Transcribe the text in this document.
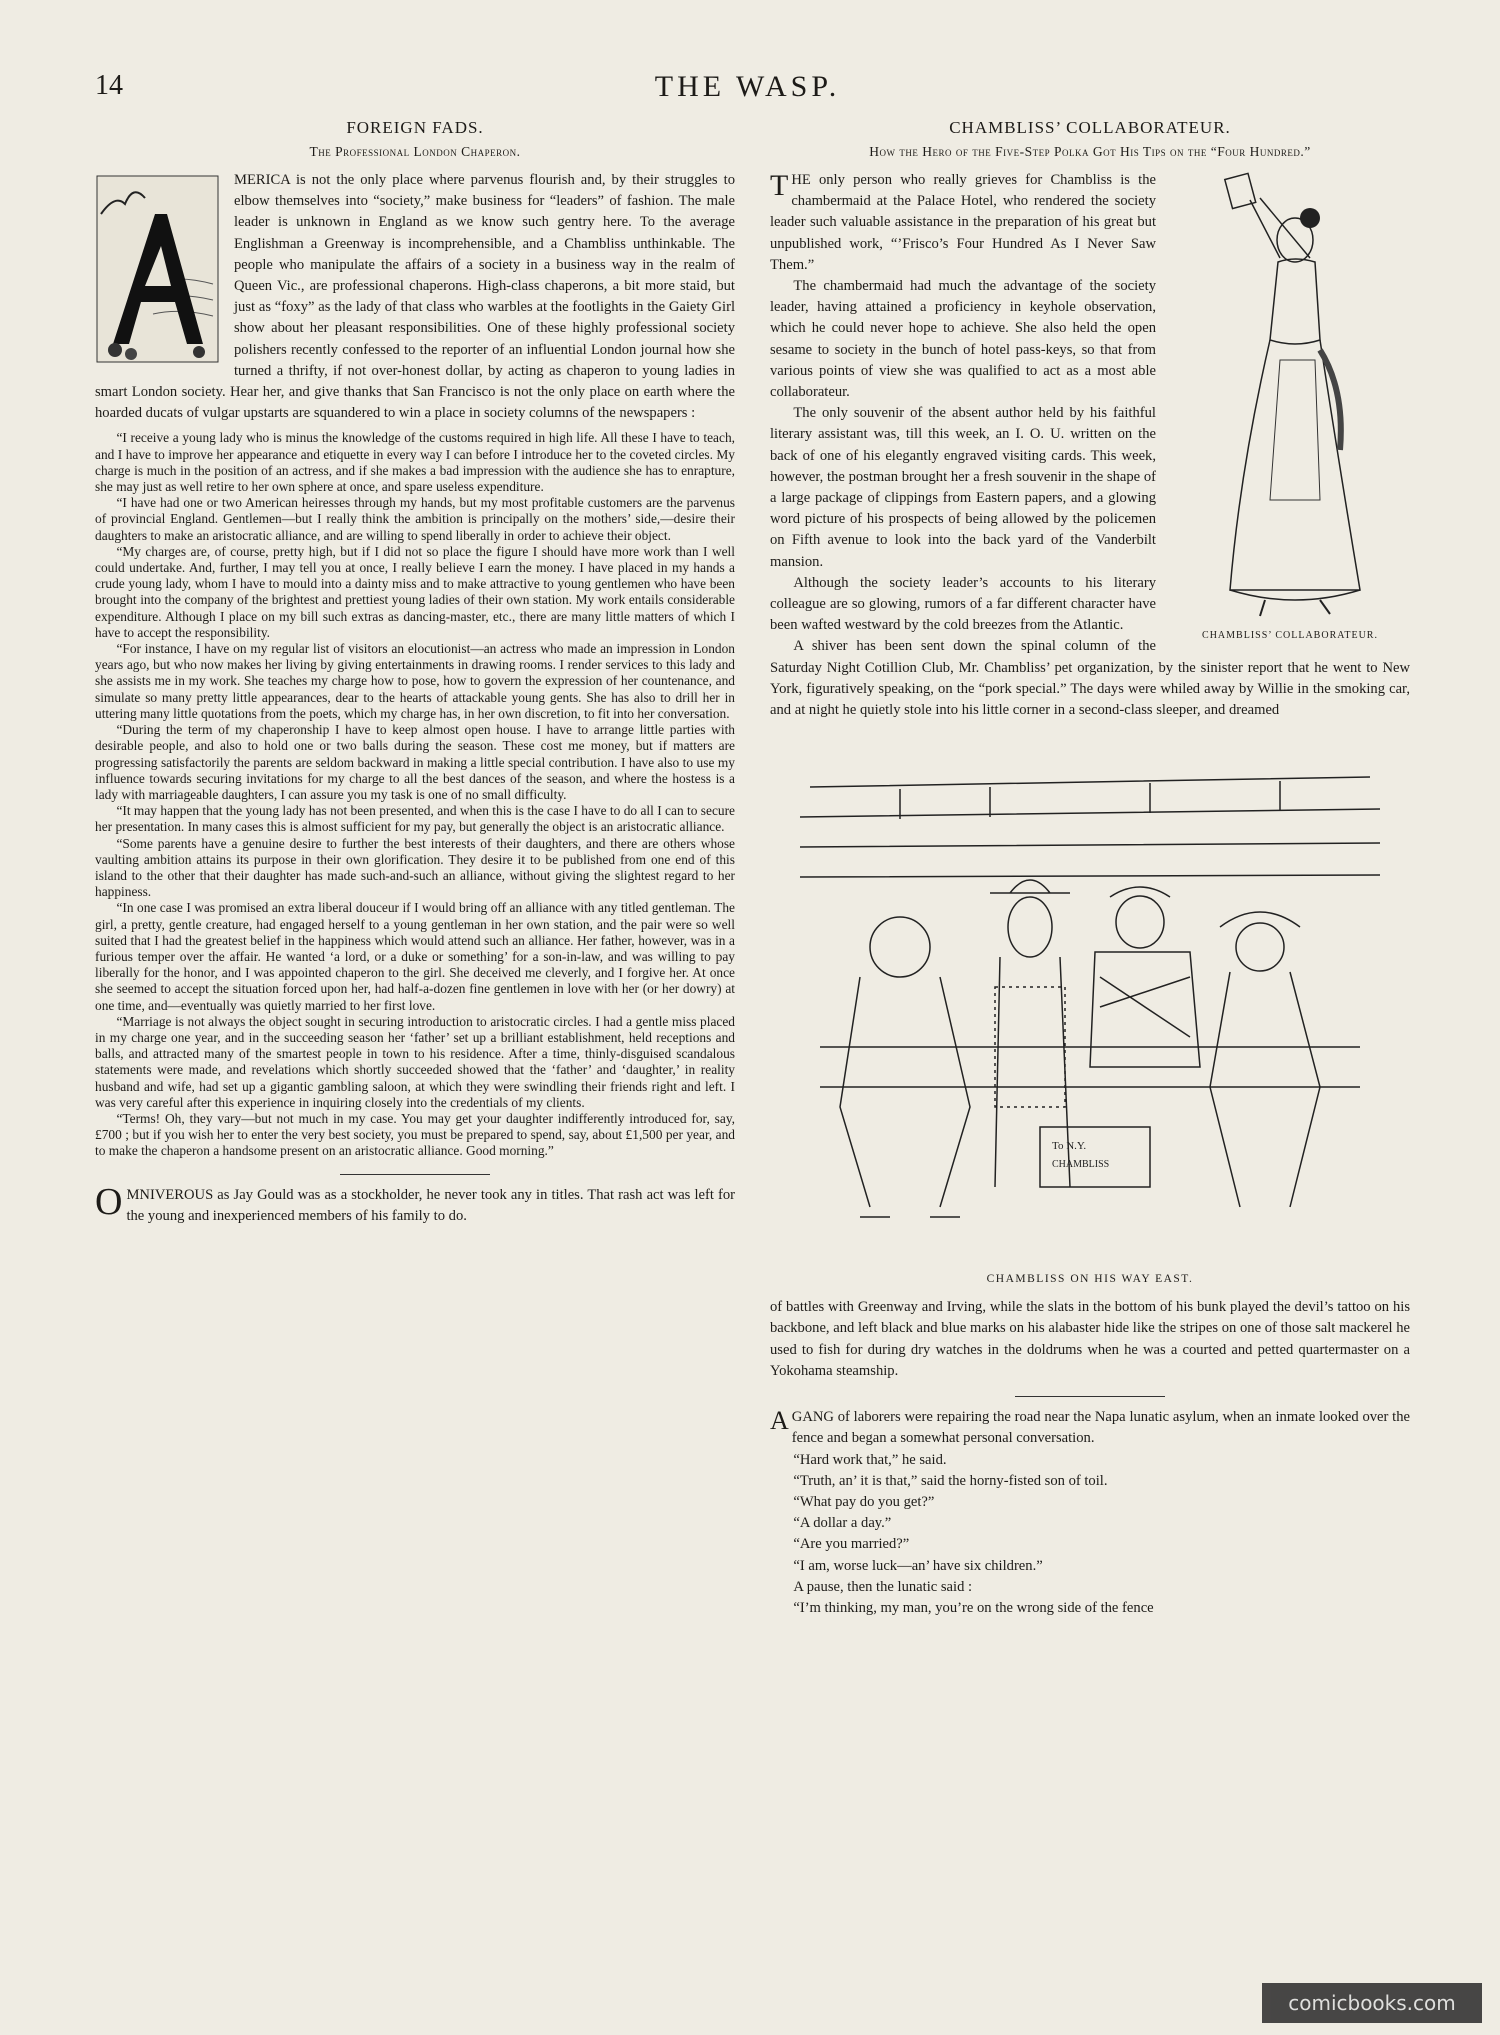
14	THE WASP.
FOREIGN FADS.
The Professional London Chaperon.

MERICA is not the only place where parvenus flourish and, by their struggles to elbow themselves into “society,” make business for “leaders” of fashion. The male leader is unknown in England as we know such gentry here. To the average Englishman a Greenway is incomprehensible, and a Chambliss unthinkable. The people who manipulate the affairs of a society in a business way in the realm of Queen Vic., are professional chaperons. High-class chaperons, a bit more staid, but just as “foxy” as the lady of that class who warbles at the footlights in the Gaiety Girl show about her pleasant responsibilities. One of these highly professional society polishers recently confessed to the reporter of an influential London journal how she turned a thrifty, if not over-honest dollar, by acting as chaperon to young ladies in smart London society. Hear her, and give thanks that San Francisco is not the only place on earth where the hoarded ducats of vulgar upstarts are squandered to win a place in society columns of the newspapers :

“I receive a young lady who is minus the knowledge of the customs required in high life. All these I have to teach, and I have to improve her appearance and etiquette in every way I can before I introduce her to the coveted circles. My charge is much in the position of an actress, and if she makes a bad impression with the audience she has to enrapture, she may just as well retire to her own sphere at once, and spare useless expenditure.

“I have had one or two American heiresses through my hands, but my most profitable customers are the parvenus of provincial England. Gentlemen—but I really think the ambition is principally on the mothers’ side,—desire their daughters to make an aristocratic alliance, and are willing to spend liberally in order to achieve their object.

“My charges are, of course, pretty high, but if I did not so place the figure I should have more work than I well could undertake. And, further, I may tell you at once, I really believe I earn the money. I have placed in my hands a crude young lady, whom I have to mould into a dainty miss and to make attractive to young gentlemen who have been brought into the company of the brightest and prettiest young ladies of their own station. My work entails considerable expenditure. Although I place on my bill such extras as dancing-master, etc., there are many little matters of which I have to accept the responsibility.

“For instance, I have on my regular list of visitors an elocutionist—an actress who made an impression in London years ago, but who now makes her living by giving entertainments in drawing rooms. I render services to this lady and she assists me in my work. She teaches my charge how to pose, how to govern the expression of her countenance, and simulate so many pretty little appearances, dear to the hearts of attackable young gents. She has also to drill her in uttering many little quotations from the poets, which my charge has, in her own discretion, to fit into her conversation.

“During the term of my chaperonship I have to keep almost open house. I have to arrange little parties with desirable people, and also to hold one or two balls during the season. These cost me money, but if matters are progressing satisfactorily the parents are seldom backward in making a little special contribution. I have also to use my influence towards securing invitations for my charge to all the best dances of the season, and where the hostess is a lady with marriageable daughters, I can assure you my task is one of no small difficulty.

“It may happen that the young lady has not been presented, and when this is the case I have to do all I can to secure her presentation. In many cases this is almost sufficient for my pay, but generally the object is an aristocratic alliance.

“Some parents have a genuine desire to further the best interests of their daughters, and there are others whose vaulting ambition attains its purpose in their own glorification. They desire it to be published from one end of this island to the other that their daughter has made such-and-such an alliance, without giving the slightest regard to her happiness.

“In one case I was promised an extra liberal douceur if I would bring off an alliance with any titled gentleman. The girl, a pretty, gentle creature, had engaged herself to a young gentleman in her own station, and the pair were so well suited that I had the greatest belief in the happiness which would attend such an alliance. Her father, however, was in a furious temper over the affair. He wanted ‘a lord, or a duke or something’ for a son-in-law, and was willing to pay liberally for the honor, and I was appointed chaperon to the girl. She deceived me cleverly, and I forgive her. At once she seemed to accept the situation forced upon her, had half-a-dozen fine gentlemen in love with her (or her dowry) at one time, and—eventually was quietly married to her first love.

“Marriage is not always the object sought in securing introduction to aristocratic circles. I had a gentle miss placed in my charge one year, and in the succeeding season her ‘father’ set up a brilliant establishment, held receptions and balls, and attracted many of the smartest people in town to his residence. After a time, thinly-disguised scandalous statements were made, and revelations which shortly succeeded showed that the ‘father’ and ‘daughter,’ in reality husband and wife, had set up a gigantic gambling saloon, at which they were swindling their friends right and left. I was very careful after this experience in inquiring closely into the credentials of my clients.

“Terms! Oh, they vary—but not much in my case. You may get your daughter indifferently introduced for, say, £700 ; but if you wish her to enter the very best society, you must be prepared to spend, say, about £1,500 per year, and to make the chaperon a handsome present on an aristocratic alliance. Good morning.”

OMNIVEROUS as Jay Gould was as a stockholder, he never took any in titles. That rash act was left for the young and inexperienced members of his family to do.

CHAMBLISS’ COLLABORATEUR.
How the Hero of the Five-Step Polka Got His Tips on the “Four Hundred.”
CHAMBLISS’ COLLABORATEUR.

THE only person who really grieves for Chambliss is the chambermaid at the Palace Hotel, who rendered the society leader such valuable assistance in the preparation of his great but unpublished work, “’Frisco’s Four Hundred As I Never Saw Them.”

The chambermaid had much the advantage of the society leader, having attained a proficiency in keyhole observation, which he could never hope to achieve. She also held the open sesame to society in the bunch of hotel pass-keys, so that from various points of view she was qualified to act as a most able collaborateur.

The only souvenir of the absent author held by his faithful literary assistant was, till this week, an I. O. U. written on the back of one of his elegantly engraved visiting cards. This week, however, the postman brought her a fresh souvenir in the shape of a large package of clippings from Eastern papers, and a glowing word picture of his prospects of being allowed by the policemen on Fifth avenue to look into the back yard of the Vanderbilt mansion.

Although the society leader’s accounts to his literary colleague are so glowing, rumors of a far different character have been wafted westward by the cold breezes from the Atlantic.

A shiver has been sent down the spinal column of the Saturday Night Cotillion Club, Mr. Chambliss’ pet organization, by the sinister report that he went to New York, figuratively speaking, on the “pork special.” The days were whiled away by Willie in the smoking car, and at night he quietly stole into his little corner in a second-class sleeper, and dreamed

To N.Y.
CHAMBLISS
CHAMBLISS ON HIS WAY EAST.

of battles with Greenway and Irving, while the slats in the bottom of his bunk played the devil’s tattoo on his backbone, and left black and blue marks on his alabaster hide like the stripes on one of those salt mackerel he used to fish for during dry watches in the doldrums when he was a courted and petted quartermaster on a Yokohama steamship.

AGANG of laborers were repairing the road near the Napa lunatic asylum, when an inmate looked over the fence and began a somewhat personal conversation.

“Hard work that,” he said.

“Truth, an’ it is that,” said the horny-fisted son of toil.

“What pay do you get?”

“A dollar a day.”

“Are you married?”

“I am, worse luck—an’ have six children.”

A pause, then the lunatic said :

“I’m thinking, my man, you’re on the wrong side of the fence

comicbooks.com
